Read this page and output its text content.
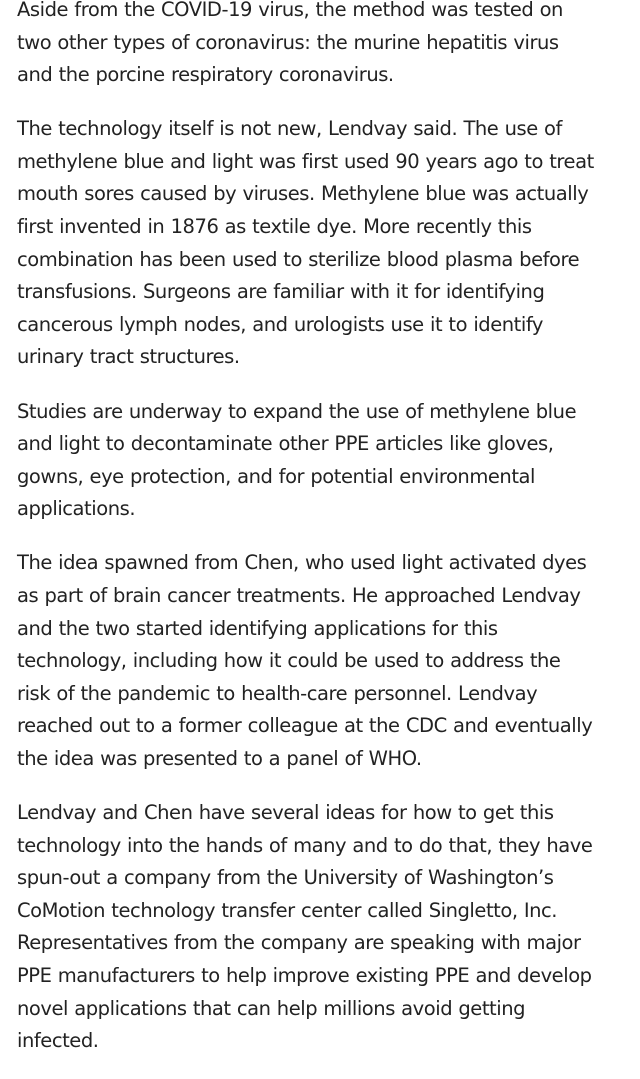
Aside from the COVID-19 virus, the method was tested on
two other types of coronavirus: the murine hepatitis virus
and the porcine respiratory coronavirus.

The technology itself is not new, Lendvay said. The use of
methylene blue and light was first used 90 years ago to treat
mouth sores caused by viruses. Methylene blue was actually
first invented in 1876 as textile dye. More recently this
combination has been used to sterilize blood plasma before
transfusions. Surgeons are familiar with it for identifying
cancerous lymph nodes, and urologists use it to identify
urinary tract structures.

Studies are underway to expand the use of methylene blue
and light to decontaminate other PPE articles like gloves,
gowns, eye protection, and for potential environmental
applications.

The idea spawned from Chen, who used light activated dyes
as part of brain cancer treatments. He approached Lendvay
and the two started identifying applications for this
technology, including how it could be used to address the
risk of the pandemic to health-care personnel. Lendvay
reached out to a former colleague at the CDC and eventually
the idea was presented to a panel of WHO.

Lendvay and Chen have several ideas for how to get this
technology into the hands of many and to do that, they have
spun-out a company from the University of Washington’s
CoMotion technology transfer center called Singletto, Inc.
Representatives from the company are speaking with major
PPE manufacturers to help improve existing PPE and develop
novel applications that can help millions avoid getting
infected.
